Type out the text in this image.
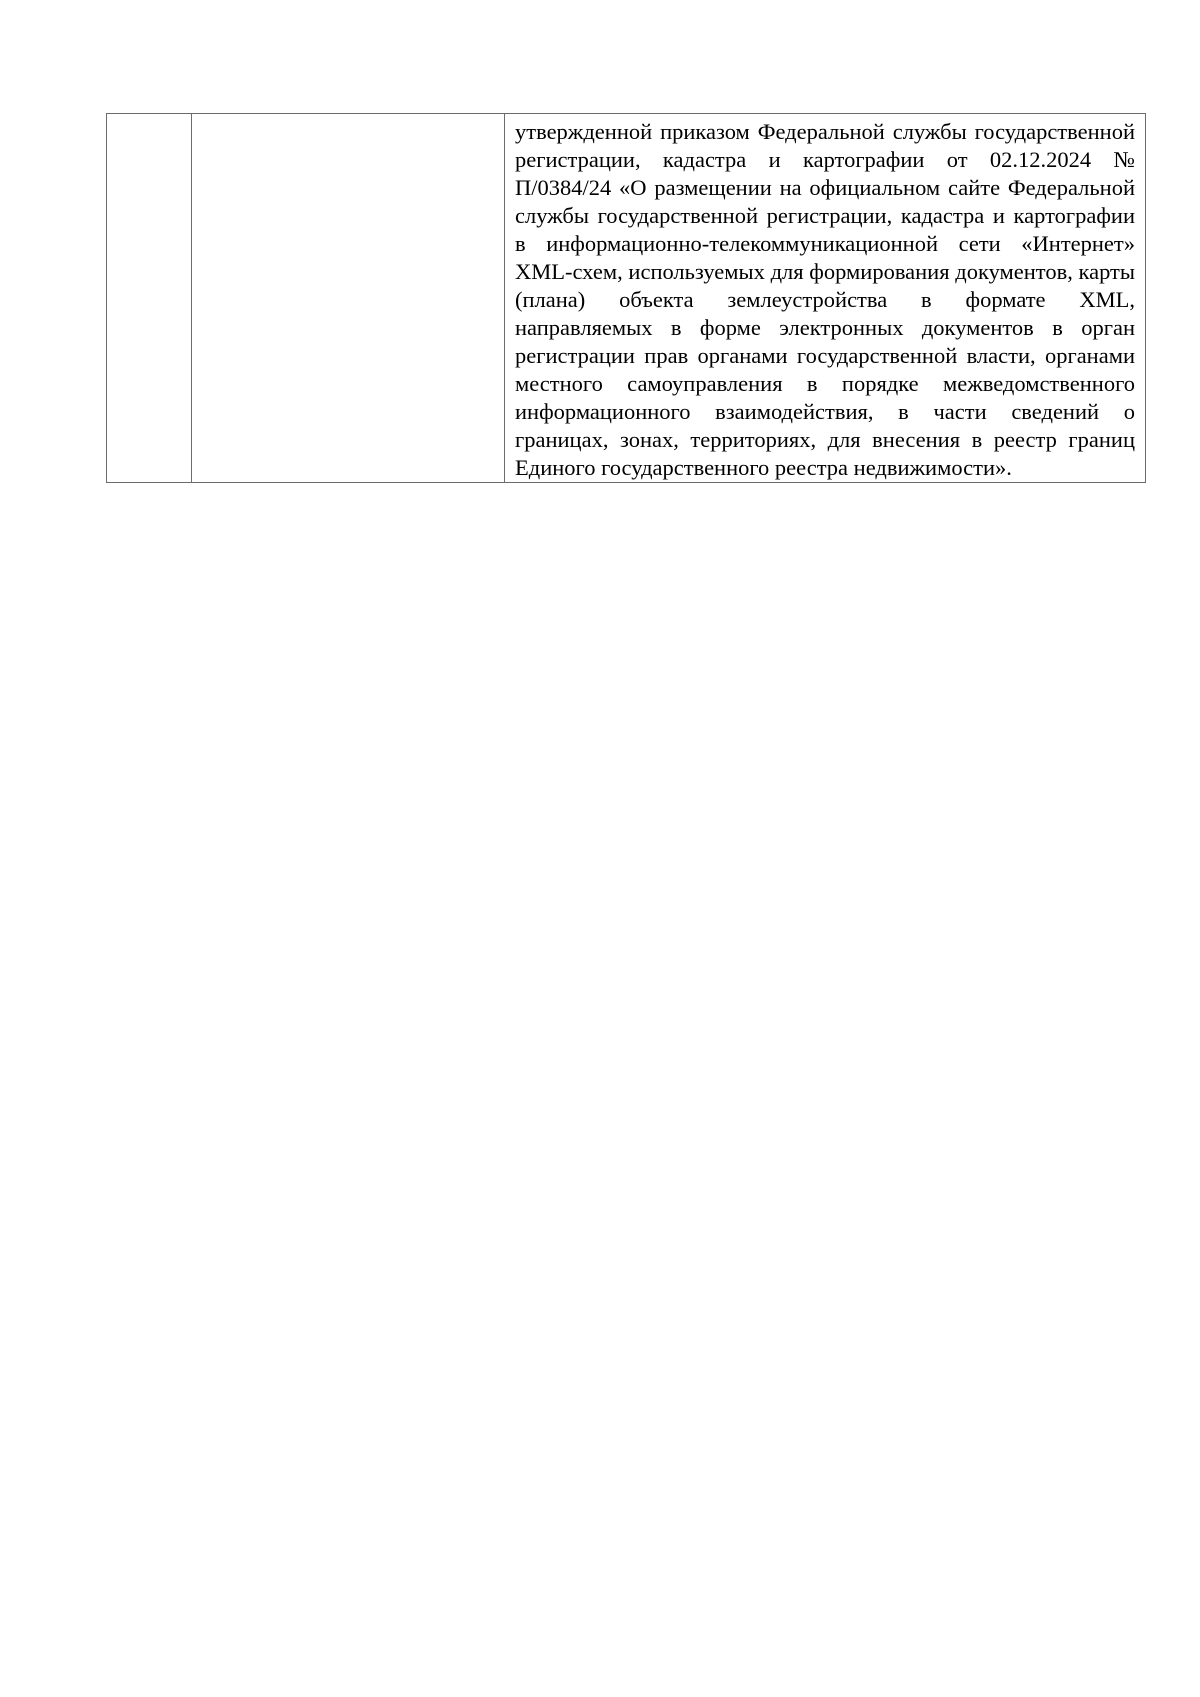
утвержденной приказом Федеральной службы государственной регистрации, кадастра и картографии от 02.12.2024 № П/0384/24 «О размещении на официальном сайте Федеральной службы государственной регистрации, кадастра и картографии в информационно-телекоммуникационной сети «Интернет» XML-схем, используемых для формирования документов, карты (плана) объекта землеустройства в формате XML, направляемых в форме электронных документов в орган регистрации прав органами государственной власти, органами местного самоуправления в порядке межведомственного информационного взаимодействия, в части сведений о границах, зонах, территориях, для внесения в реестр границ Единого государственного реестра недвижимости».
